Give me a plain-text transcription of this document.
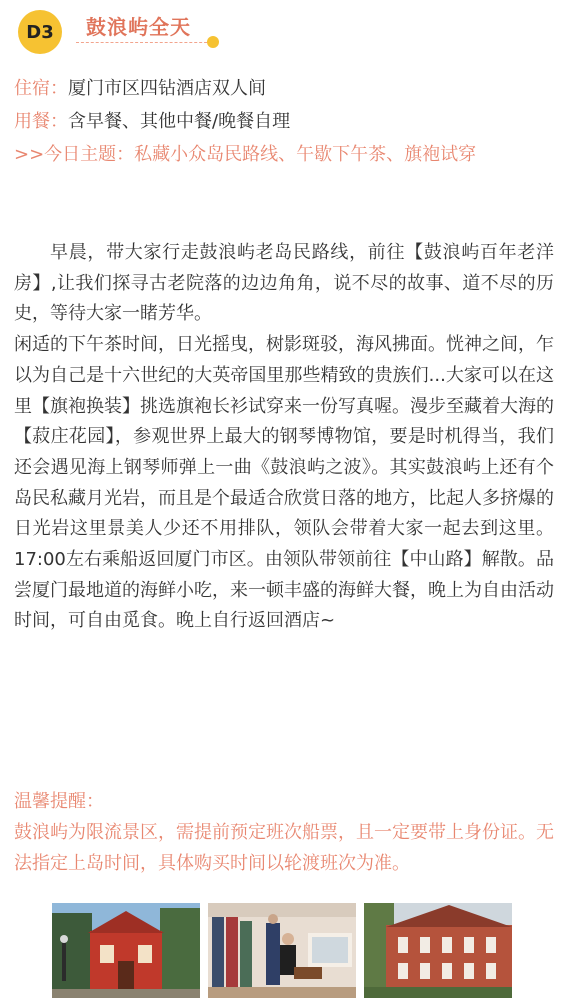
D3	鼓浪屿全天
住宿：厦门市区四钻酒店双人间
用餐：含早餐、其他中餐/晚餐自理
>>今日主题：私藏小众岛民路线、午歇下午茶、旗袍试穿

早晨，带大家行走鼓浪屿老岛民路线，前往【鼓浪屿百年老洋房】,让我们探寻古老院落的边边角角，说不尽的故事、道不尽的历史，等待大家一睹芳华。

闲适的下午茶时间，日光摇曳，树影斑驳，海风拂面。恍神之间，乍以为自己是十六世纪的大英帝国里那些精致的贵族们...大家可以在这里【旗袍换装】挑选旗袍长衫试穿来一份写真喔。漫步至藏着大海的【菽庄花园】，参观世界上最大的钢琴博物馆，要是时机得当，我们还会遇见海上钢琴师弹上一曲《鼓浪屿之波》。其实鼓浪屿上还有个岛民私藏月光岩，而且是个最适合欣赏日落的地方，比起人多挤爆的日光岩这里景美人少还不用排队，领队会带着大家一起去到这里。17:00左右乘船返回厦门市区。由领队带领前往【中山路】解散。品尝厦门最地道的海鲜小吃，来一顿丰盛的海鲜大餐，晚上为自由活动时间，可自由觅食。晚上自行返回酒店~

温馨提醒：
鼓浪屿为限流景区，需提前预定班次船票，且一定要带上身份证。无法指定上岛时间，具体购买时间以轮渡班次为准。
